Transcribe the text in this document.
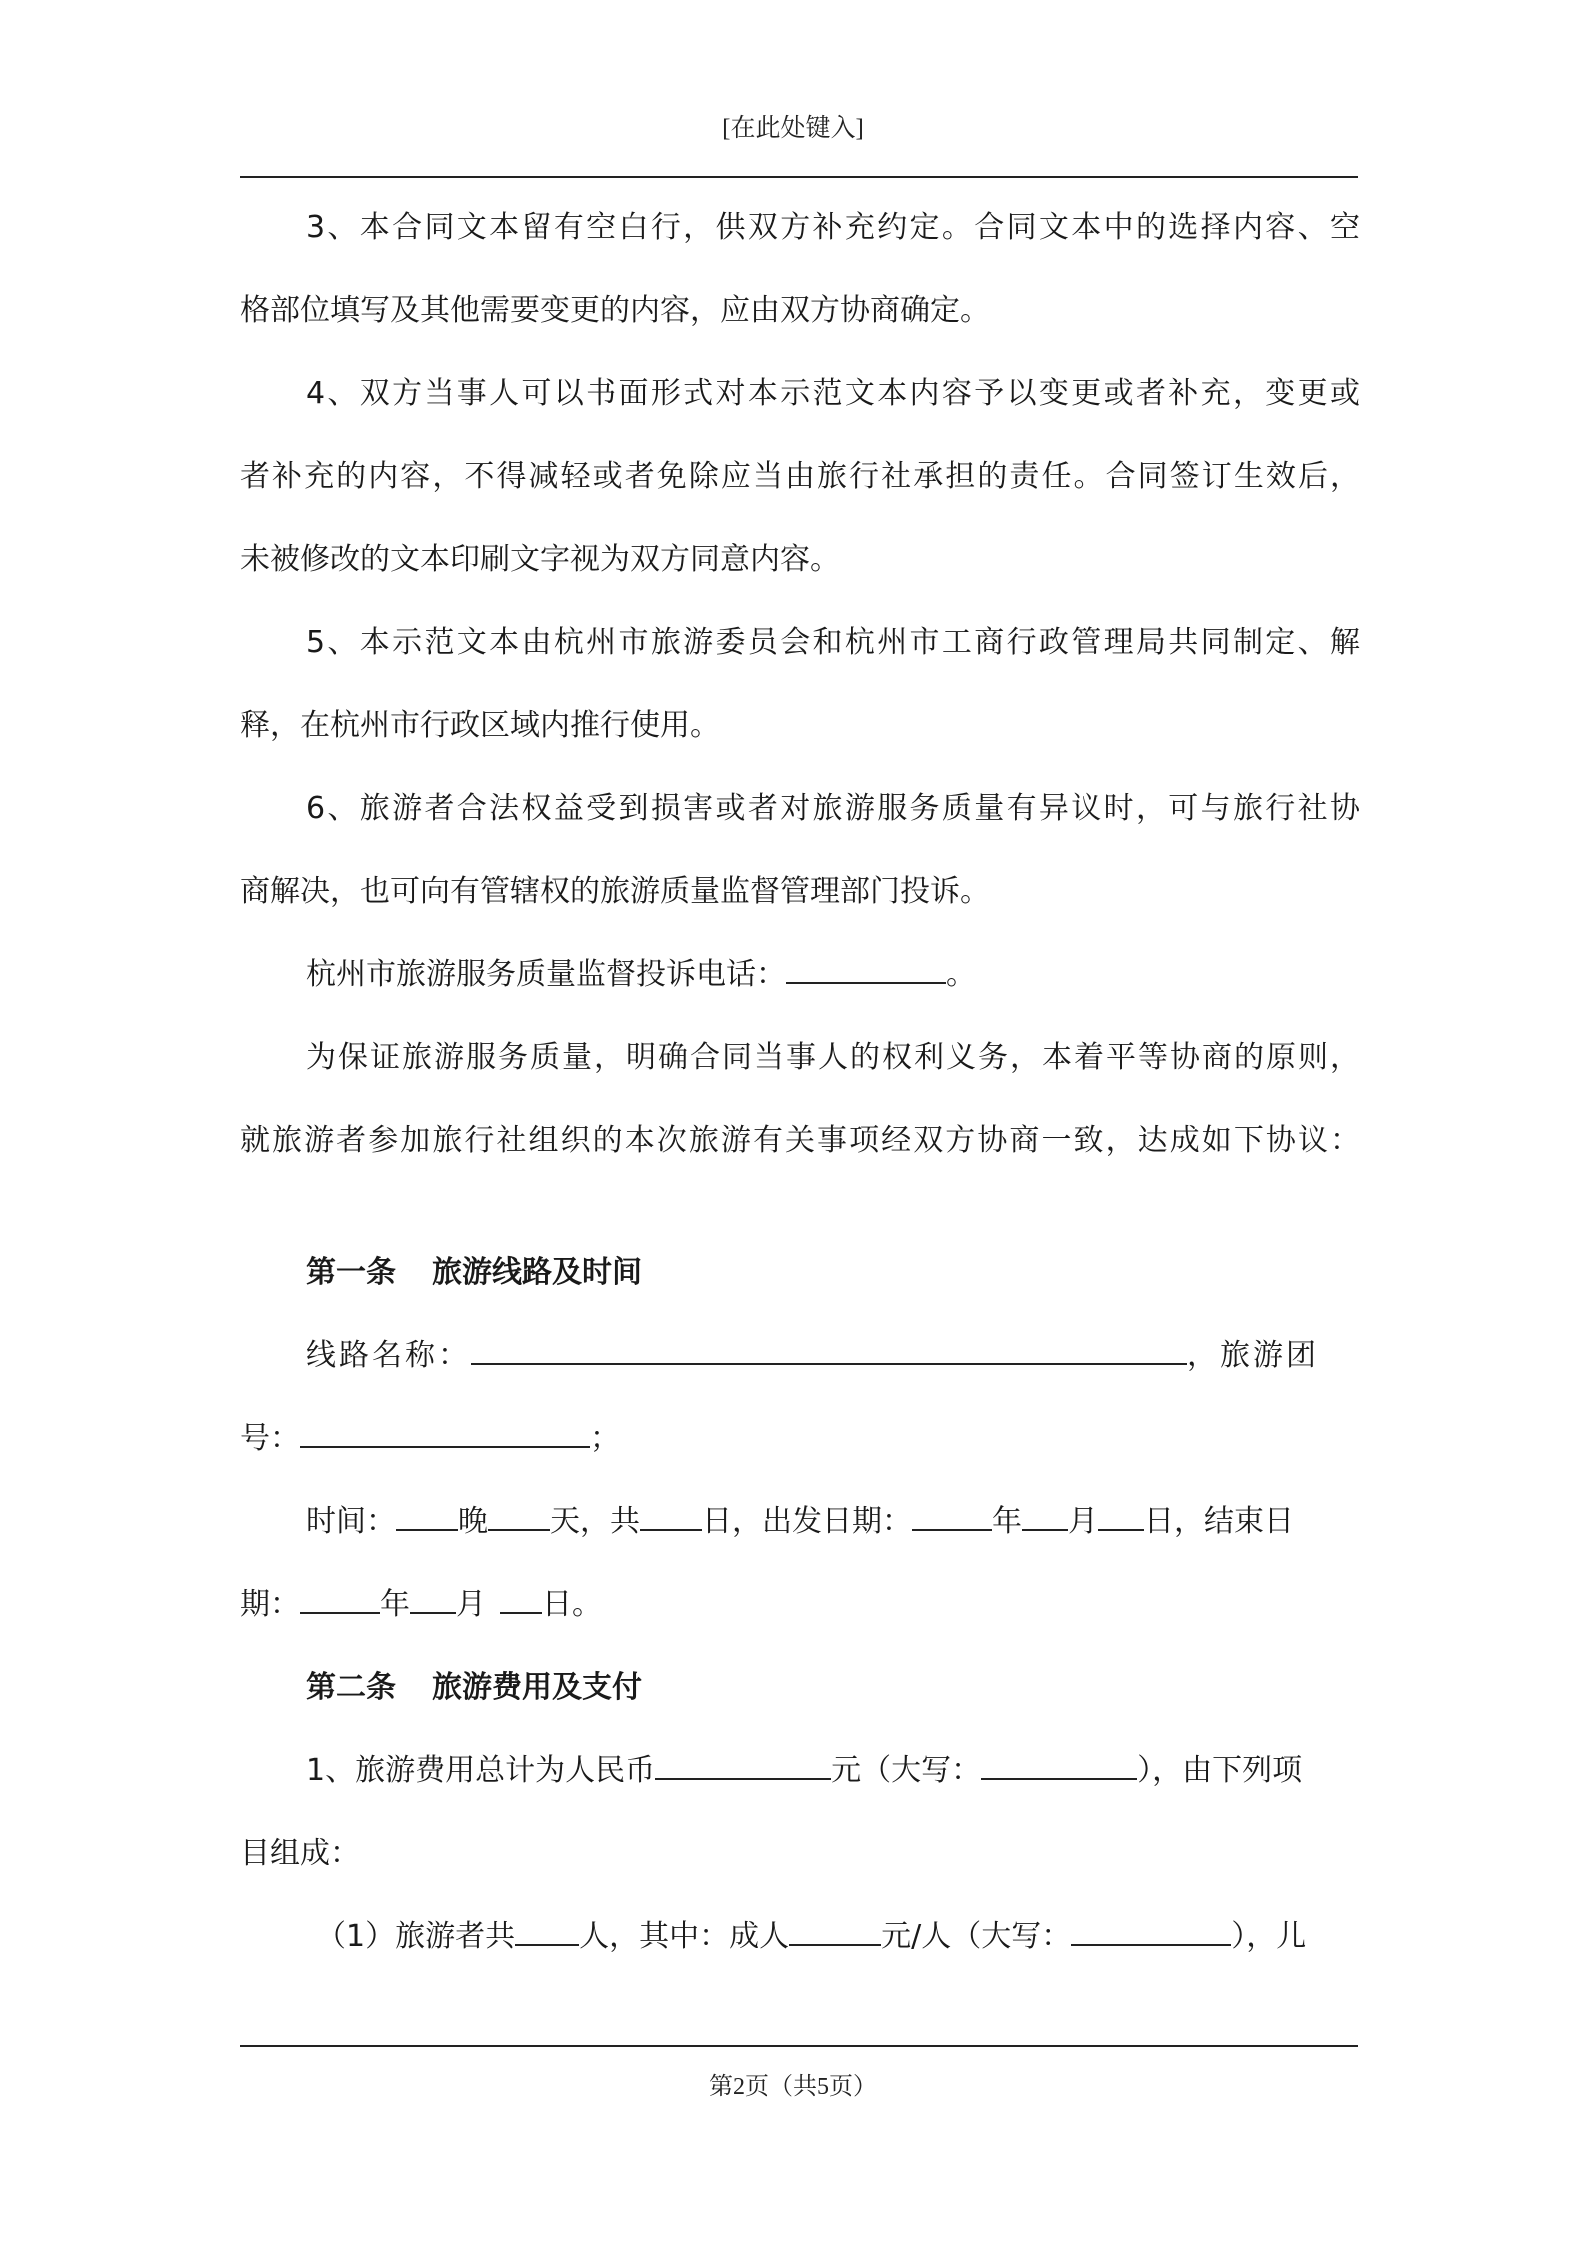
[在此处键入]
3、本合同文本留有空白行，供双方补充约定。合同文本中的选择内容、空
格部位填写及其他需要变更的内容，应由双方协商确定。
4、双方当事人可以书面形式对本示范文本内容予以变更或者补充，变更或
者补充的内容，不得减轻或者免除应当由旅行社承担的责任。合同签订生效后，
未被修改的文本印刷文字视为双方同意内容。
5、本示范文本由杭州市旅游委员会和杭州市工商行政管理局共同制定、解
释，在杭州市行政区域内推行使用。
6、旅游者合法权益受到损害或者对旅游服务质量有异议时，可与旅行社协
商解决，也可向有管辖权的旅游质量监督管理部门投诉。
杭州市旅游服务质量监督投诉电话：	。
为保证旅游服务质量，明确合同当事人的权利义务，本着平等协商的原则，
就旅游者参加旅行社组织的本次旅游有关事项经双方协商一致，达成如下协议：
第一条 旅游线路及时间
线路名称：	，旅游团
号：	；
时间： 晚 天，共 日，出发日期：	年 月 日，结束日
期：	年 月 日。
第二条 旅游费用及支付
1、旅游费用总计为人民币	元（大写：	），由下列项
目组成：
（1）旅游者共 人，其中：成人	元/人（大写：	），儿
第2页（共5页）
